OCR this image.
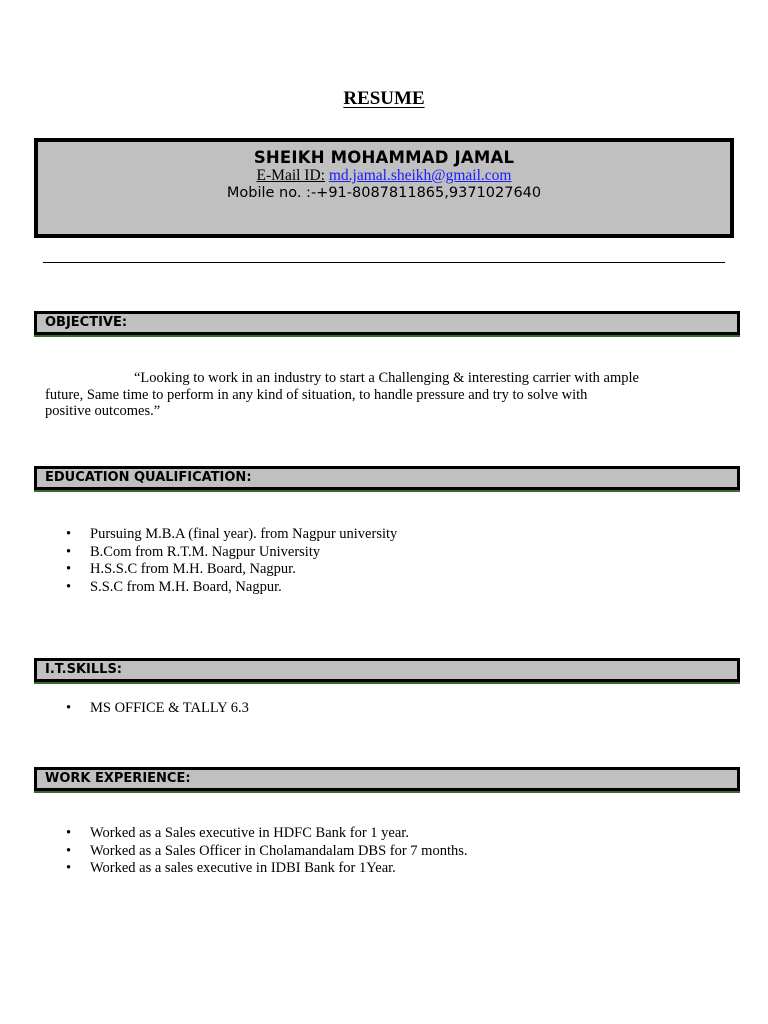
RESUME
SHEIKH MOHAMMAD JAMAL
E-Mail ID: md.jamal.sheikh@gmail.com
Mobile no. :-+91-8087811865,9371027640
OBJECTIVE:
“Looking to work in an industry to start a Challenging & interesting carrier with ample
future, Same time to perform in any kind of situation, to handle pressure and try to solve with
positive outcomes.”
EDUCATION QUALIFICATION:
• Pursuing M.B.A (final year). from Nagpur university
• B.Com from R.T.M. Nagpur University
• H.S.S.C from M.H. Board, Nagpur.
• S.S.C from M.H. Board, Nagpur.
I.T.SKILLS:
• MS OFFICE & TALLY 6.3
WORK EXPERIENCE:
• Worked as a Sales executive in HDFC Bank for 1 year.
• Worked as a Sales Officer in Cholamandalam DBS for 7 months.
• Worked as a sales executive in IDBI Bank for 1Year.
